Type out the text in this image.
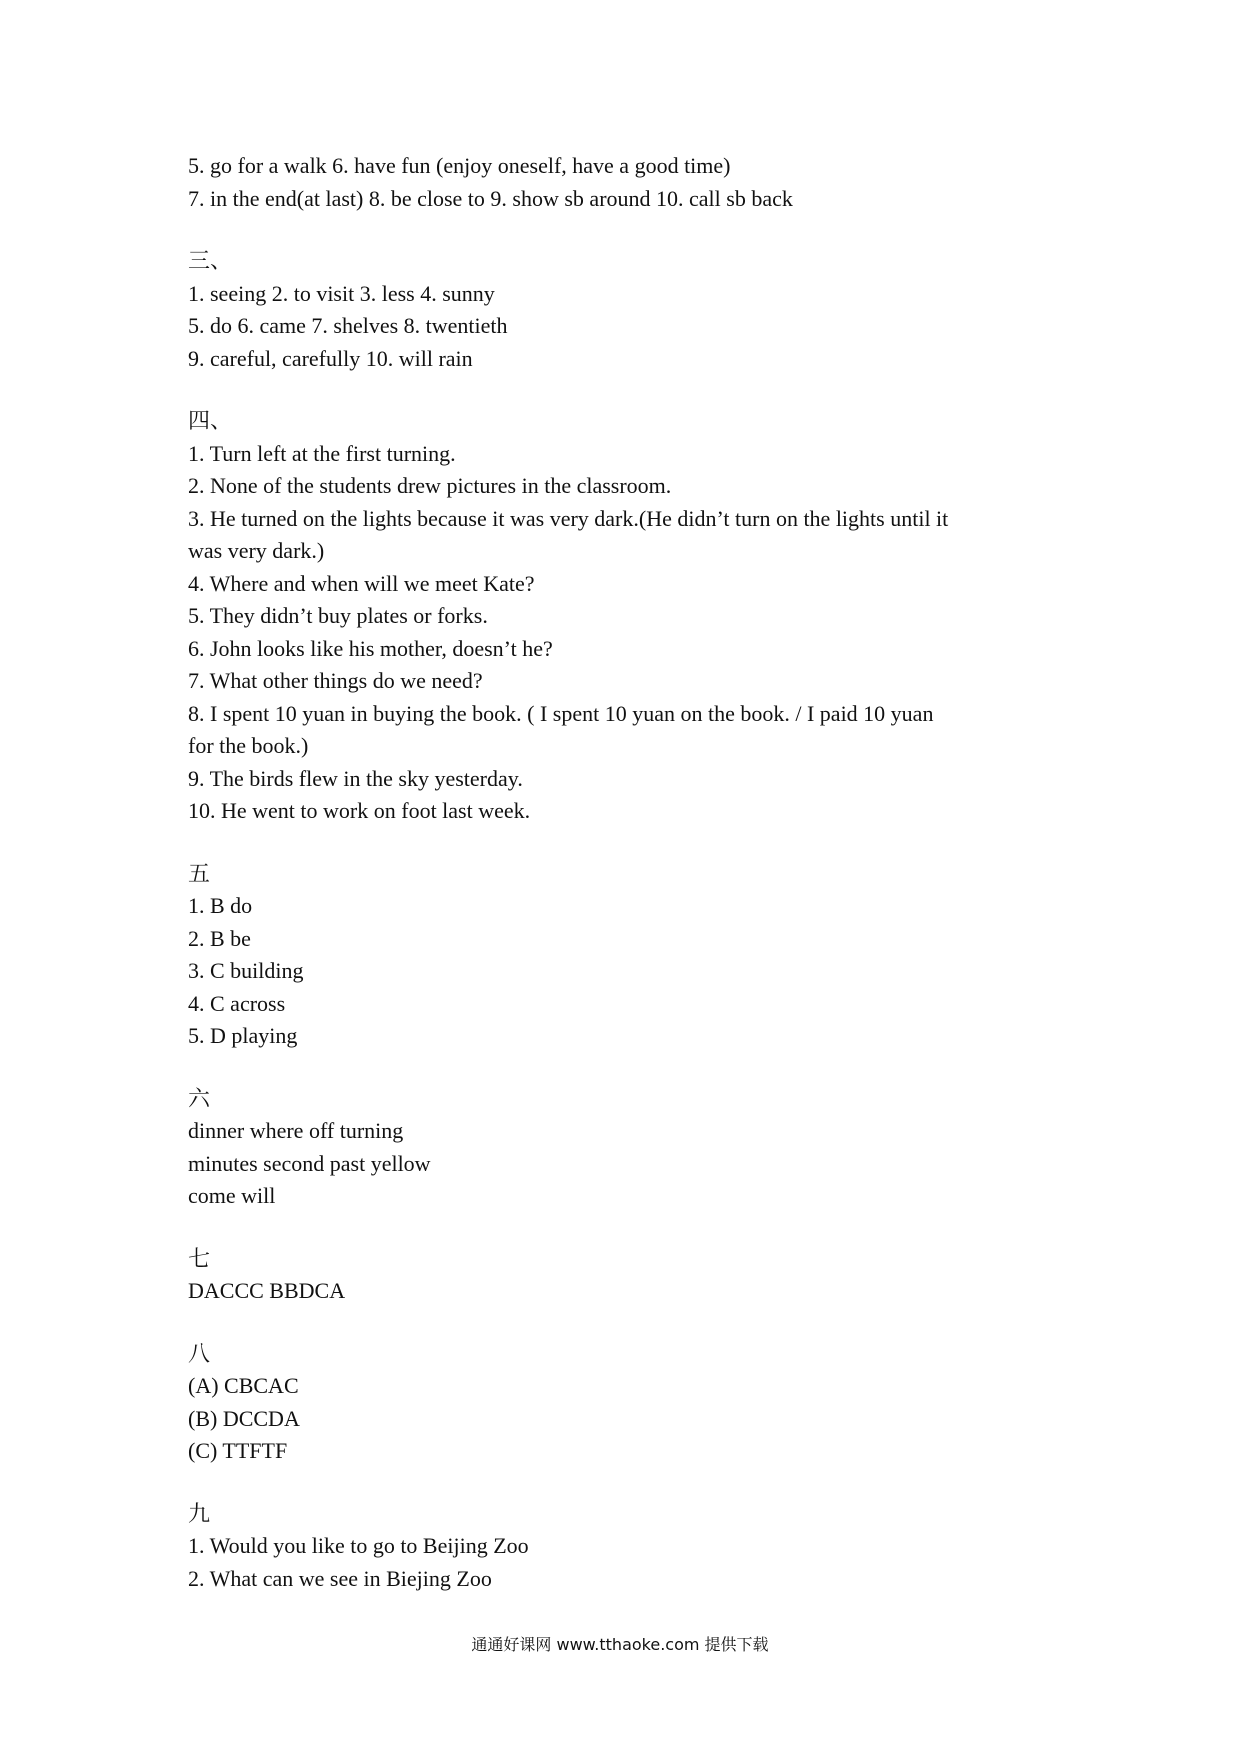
5. go for a walk 6. have fun (enjoy oneself, have a good time)

7. in the end(at last) 8. be close to 9. show sb around 10. call sb back

三、

1. seeing 2. to visit 3. less 4. sunny

5. do 6. came 7. shelves 8. twentieth

9. careful, carefully 10. will rain

四、

1. Turn left at the first turning.

2. None of the students drew pictures in the classroom.

3. He turned on the lights because it was very dark.(He didn’t turn on the lights until it

was very dark.)

4. Where and when will we meet Kate?

5. They didn’t buy plates or forks.

6. John looks like his mother, doesn’t he?

7. What other things do we need?

8. I spent 10 yuan in buying the book. ( I spent 10 yuan on the book. / I paid 10 yuan

for the book.)

9. The birds flew in the sky yesterday.

10. He went to work on foot last week.

五

1. B do

2. B be

3. C building

4. C across

5. D playing

六

dinner where off turning

minutes second past yellow

come will

七

DACCC BBDCA

八

(A) CBCAC

(B) DCCDA

(C) TTFTF

九

1. Would you like to go to Beijing Zoo

2. What can we see in Biejing Zoo

通通好课网 www.tthaoke.com 提供下载
